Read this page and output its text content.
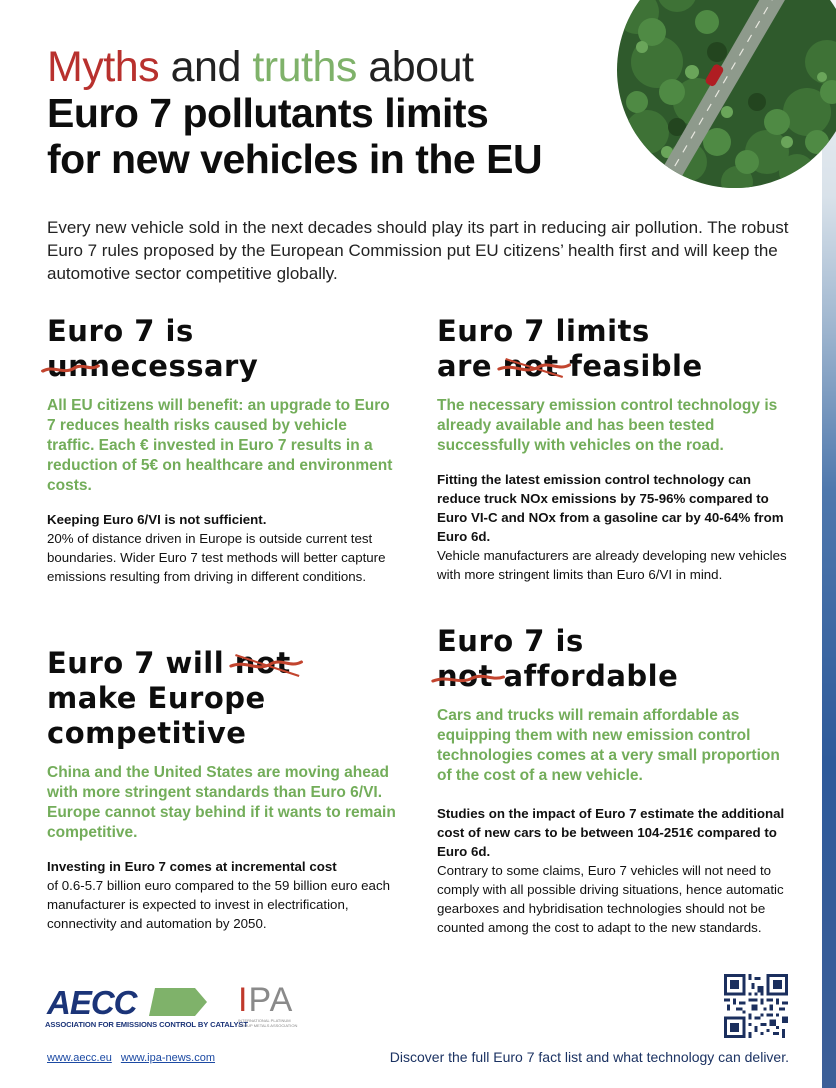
Myths and truths about
Euro 7 pollutants limits
for new vehicles in the EU

Every new vehicle sold in the next decades should play its part in reducing air pollution. The robust Euro 7 rules proposed by the European Commission put EU citizens’ health first and will keep the automotive sector competitive globally.

Euro 7 is
un
necessary
All EU citizens will benefit: an upgrade to Euro 7 reduces health risks caused by vehicle traffic. Each € invested in Euro 7 results in a reduction of 5€ on healthcare and environment costs.
Keeping Euro 6/VI is not sufficient.
20% of distance driven in Europe is outside current test boundaries. Wider Euro 7 test methods will better capture emissions resulting from driving in different conditions.
Euro 7 limits
are not feasible
The necessary emission control technology is already available and has been tested successfully with vehicles on the road.
Fitting the latest emission control technology can reduce truck NOx emissions by 75-96% compared to Euro VI-C and NOx from a gasoline car by 40-64% from Euro 6d.
Vehicle manufacturers are already developing new vehicles with more stringent limits than Euro 6/VI in mind.
Euro 7 will not
make Europe
competitive
China and the United States are moving ahead with more stringent standards than Euro 6/VI. Europe cannot stay behind if it wants to remain competitive.
Investing in Euro 7 comes at incremental cost
of 0.6-5.7 billion euro compared to the 59 billion euro each manufacturer is expected to invest in electrification, connectivity and automation by 2050.
Euro 7 is
not affordable
Cars and trucks will remain affordable as equipping them with new emission control technologies comes at a very small proportion of the cost of a new vehicle.
Studies on the impact of Euro 7 estimate the additional cost of new cars to be between 104-251€ compared to Euro 6d.
Contrary to some claims, Euro 7 vehicles will not need to comply with all possible driving situations, hence automatic gearboxes and hybridisation technologies should not be counted among the cost to adapt to the new standards.
AECC
ASSOCIATION FOR EMISSIONS CONTROL BY CATALYST
IPA
INTERNATIONAL PLATINUM GROUP METALS ASSOCIATION
www.aecc.eu www.ipa-news.com	Discover the full Euro 7 fact list and what technology can deliver.
